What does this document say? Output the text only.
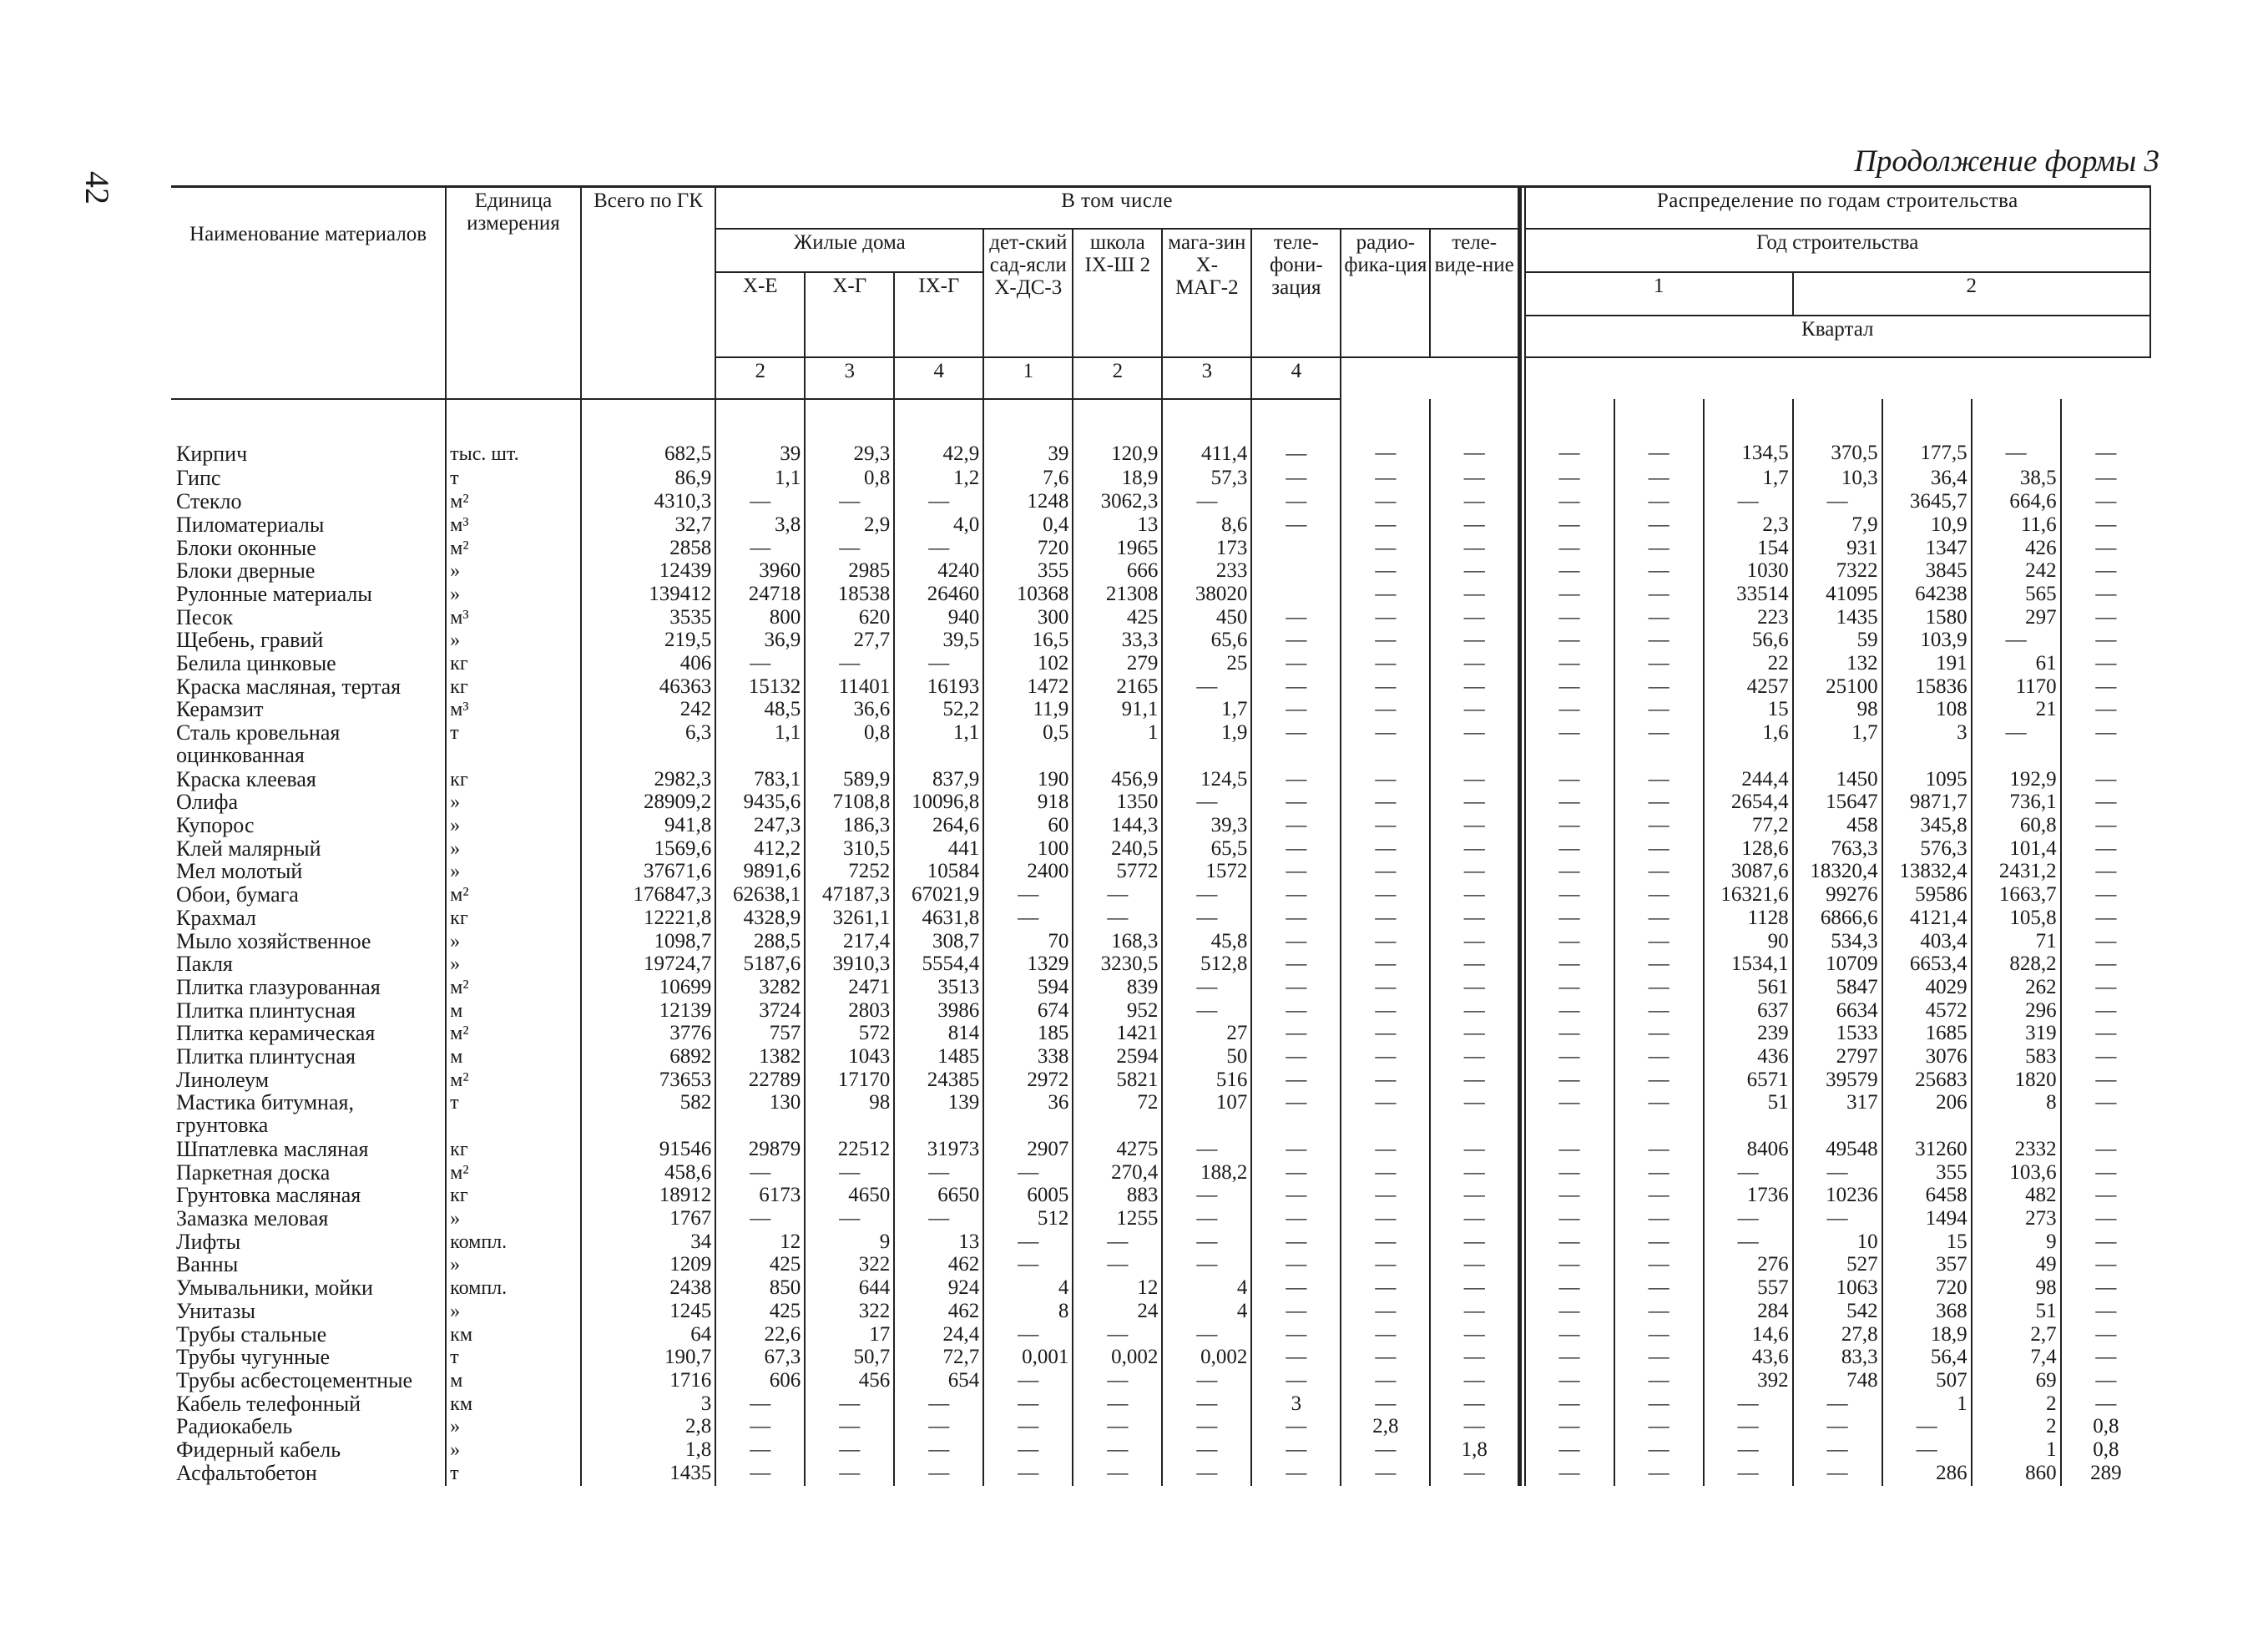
42
Продолжение формы 3
Наименование материалов	Единица измерения	Всего по ГК	В том числе										Распределение по годам строительства						
			Жилые дома			дет-ский сад-ясли Х-ДС-3	школа IХ-Ш 2	мага-зин Х-МАГ-2	теле-фони-зация	радио-фика-ция	теле-виде-ние		Год строительства						
			Х-Е	Х-Г	IХ-Г								1			2			
													Квартал						
			2	3	4	1	2	3	4										
Кирпич	тыс. шт.	682,5	39	29,3	42,9	39	120,9	411,4	—	—	—		—	—	134,5	370,5	177,5	—	—
Гипс	т	86,9	1,1	0,8	1,2	7,6	18,9	57,3	—	—	—		—	—	1,7	10,3	36,4	38,5	—
Стекло	м²	4310,3	—	—	—	1248	3062,3	—	—	—	—		—	—	—	—	3645,7	664,6	—
Пиломатериалы	м³	32,7	3,8	2,9	4,0	0,4	13	8,6	—	—	—		—	—	2,3	7,9	10,9	11,6	—
Блоки оконные	м²	2858	—	—	—	720	1965	173		—	—		—	—	154	931	1347	426	—
Блоки дверные	»	12439	3960	2985	4240	355	666	233		—	—		—	—	1030	7322	3845	242	—
Рулонные материалы	»	139412	24718	18538	26460	10368	21308	38020		—	—		—	—	33514	41095	64238	565	—
Песок	м³	3535	800	620	940	300	425	450	—	—	—		—	—	223	1435	1580	297	—
Щебень, гравий	»	219,5	36,9	27,7	39,5	16,5	33,3	65,6	—	—	—		—	—	56,6	59	103,9	—	—
Белила цинковые	кг	406	—	—	—	102	279	25	—	—	—		—	—	22	132	191	61	—
Краска масляная, тертая	кг	46363	15132	11401	16193	1472	2165	—	—	—	—		—	—	4257	25100	15836	1170	—
Керамзит	м³	242	48,5	36,6	52,2	11,9	91,1	1,7	—	—	—		—	—	15	98	108	21	—
Сталь кровельная оцинкованная	т	6,3	1,1	0,8	1,1	0,5	1	1,9	—	—	—		—	—	1,6	1,7	3	—	—
Краска клеевая	кг	2982,3	783,1	589,9	837,9	190	456,9	124,5	—	—	—		—	—	244,4	1450	1095	192,9	—
Олифа	»	28909,2	9435,6	7108,8	10096,8	918	1350	—	—	—	—		—	—	2654,4	15647	9871,7	736,1	—
Купорос	»	941,8	247,3	186,3	264,6	60	144,3	39,3	—	—	—		—	—	77,2	458	345,8	60,8	—
Клей малярный	»	1569,6	412,2	310,5	441	100	240,5	65,5	—	—	—		—	—	128,6	763,3	576,3	101,4	—
Мел молотый	»	37671,6	9891,6	7252	10584	2400	5772	1572	—	—	—		—	—	3087,6	18320,4	13832,4	2431,2	—
Обои, бумага	м²	176847,3	62638,1	47187,3	67021,9	—	—	—	—	—	—		—	—	16321,6	99276	59586	1663,7	—
Крахмал	кг	12221,8	4328,9	3261,1	4631,8	—	—	—	—	—	—		—	—	1128	6866,6	4121,4	105,8	—
Мыло хозяйственное	»	1098,7	288,5	217,4	308,7	70	168,3	45,8	—	—	—		—	—	90	534,3	403,4	71	—
Пакля	»	19724,7	5187,6	3910,3	5554,4	1329	3230,5	512,8	—	—	—		—	—	1534,1	10709	6653,4	828,2	—
Плитка глазурованная	м²	10699	3282	2471	3513	594	839	—	—	—	—		—	—	561	5847	4029	262	—
Плитка плинтусная	м	12139	3724	2803	3986	674	952	—	—	—	—		—	—	637	6634	4572	296	—
Плитка керамическая	м²	3776	757	572	814	185	1421	27	—	—	—		—	—	239	1533	1685	319	—
Плитка плинтусная	м	6892	1382	1043	1485	338	2594	50	—	—	—		—	—	436	2797	3076	583	—
Линолеум	м²	73653	22789	17170	24385	2972	5821	516	—	—	—		—	—	6571	39579	25683	1820	—
Мастика битумная, грунтовка	т	582	130	98	139	36	72	107	—	—	—		—	—	51	317	206	8	—
Шпатлевка масляная	кг	91546	29879	22512	31973	2907	4275	—	—	—	—		—	—	8406	49548	31260	2332	—
Паркетная доска	м²	458,6	—	—	—	—	270,4	188,2	—	—	—		—	—	—	—	355	103,6	—
Грунтовка масляная	кг	18912	6173	4650	6650	6005	883	—	—	—	—		—	—	1736	10236	6458	482	—
Замазка меловая	»	1767	—	—	—	512	1255	—	—	—	—		—	—	—	—	1494	273	—
Лифты	компл.	34	12	9	13	—	—	—	—	—	—		—	—	—	10	15	9	—
Ванны	»	1209	425	322	462	—	—	—	—	—	—		—	—	276	527	357	49	—
Умывальники, мойки	компл.	2438	850	644	924	4	12	4	—	—	—		—	—	557	1063	720	98	—
Унитазы	»	1245	425	322	462	8	24	4	—	—	—		—	—	284	542	368	51	—
Трубы стальные	км	64	22,6	17	24,4	—	—	—	—	—	—		—	—	14,6	27,8	18,9	2,7	—
Трубы чугунные	т	190,7	67,3	50,7	72,7	0,001	0,002	0,002	—	—	—		—	—	43,6	83,3	56,4	7,4	—
Трубы асбестоцементные	м	1716	606	456	654	—	—	—	—	—	—		—	—	392	748	507	69	—
Кабель телефонный	км	3	—	—	—	—	—	—	3	—	—		—	—	—	—	1	2	—
Радиокабель	»	2,8	—	—	—	—	—	—	—	2,8	—		—	—	—	—	—	2	0,8
Фидерный кабель	»	1,8	—	—	—	—	—	—	—	—	1,8		—	—	—	—	—	1	0,8
Асфальтобетон	т	1435	—	—	—	—	—	—	—	—	—		—	—	—	—	286	860	289
